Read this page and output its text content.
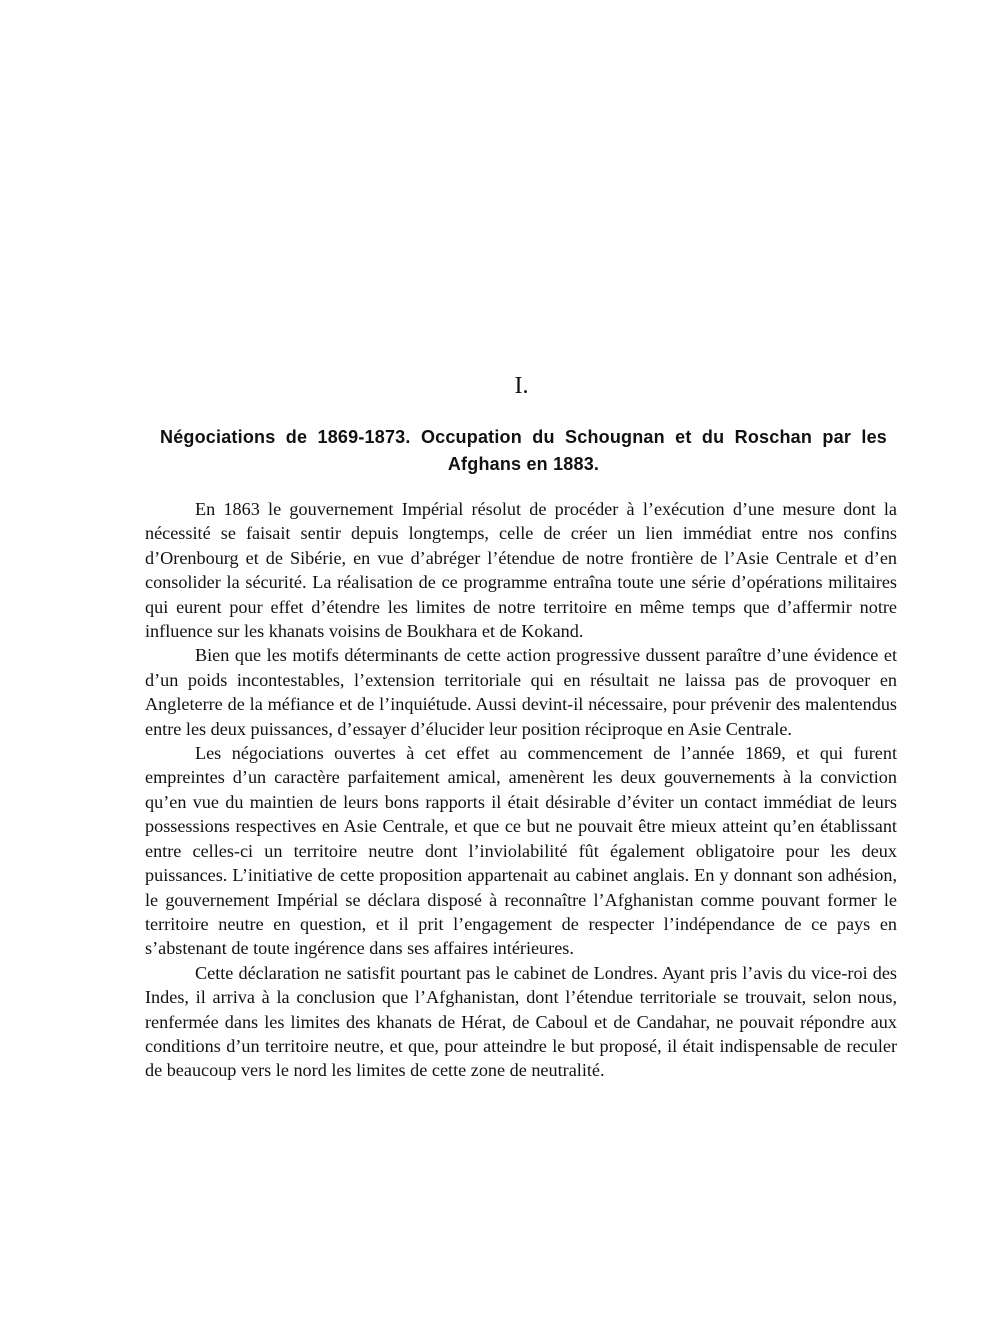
I.
Négociations de 1869-1873. Occupation du Schougnan et du Roschan par les Afghans en 1883.

En 1863 le gouvernement Impérial résolut de procéder à l’exécution d’une mesure dont la nécessité se faisait sentir depuis longtemps, celle de créer un lien immédiat entre nos confins d’Orenbourg et de Sibérie, en vue d’abréger l’étendue de notre frontière de l’Asie Centrale et d’en consolider la sécurité. La réalisation de ce programme entraîna toute une série d’opérations militaires qui eurent pour effet d’étendre les limites de notre territoire en même temps que d’affermir notre influence sur les khanats voisins de Boukhara et de Kokand.

Bien que les motifs déterminants de cette action progressive dussent paraître d’une évidence et d’un poids incontestables, l’extension territoriale qui en résultait ne laissa pas de provoquer en Angleterre de la méfiance et de l’inquiétude. Aussi devint-il nécessaire, pour prévenir des malentendus entre les deux puissances, d’essayer d’élucider leur position réciproque en Asie Centrale.

Les négociations ouvertes à cet effet au commencement de l’année 1869, et qui furent empreintes d’un caractère parfaitement amical, amenèrent les deux gouvernements à la conviction qu’en vue du maintien de leurs bons rapports il était désirable d’éviter un contact immédiat de leurs possessions respectives en Asie Centrale, et que ce but ne pouvait être mieux atteint qu’en établissant entre celles-ci un territoire neutre dont l’inviolabilité fût également obligatoire pour les deux puissances. L’initiative de cette proposition appartenait au cabinet anglais. En y donnant son adhésion, le gouvernement Impérial se déclara disposé à reconnaître l’Afghanistan comme pouvant former le territoire neutre en question, et il prit l’engagement de respecter l’indépendance de ce pays en s’abstenant de toute ingérence dans ses affaires intérieures.

Cette déclaration ne satisfit pourtant pas le cabinet de Londres. Ayant pris l’avis du vice-roi des Indes, il arriva à la conclusion que l’Afghanistan, dont l’étendue territoriale se trouvait, selon nous, renfermée dans les limites des khanats de Hérat, de Caboul et de Candahar, ne pouvait répondre aux conditions d’un territoire neutre, et que, pour atteindre le but proposé, il était indispensable de reculer de beaucoup vers le nord les limites de cette zone de neutralité.
